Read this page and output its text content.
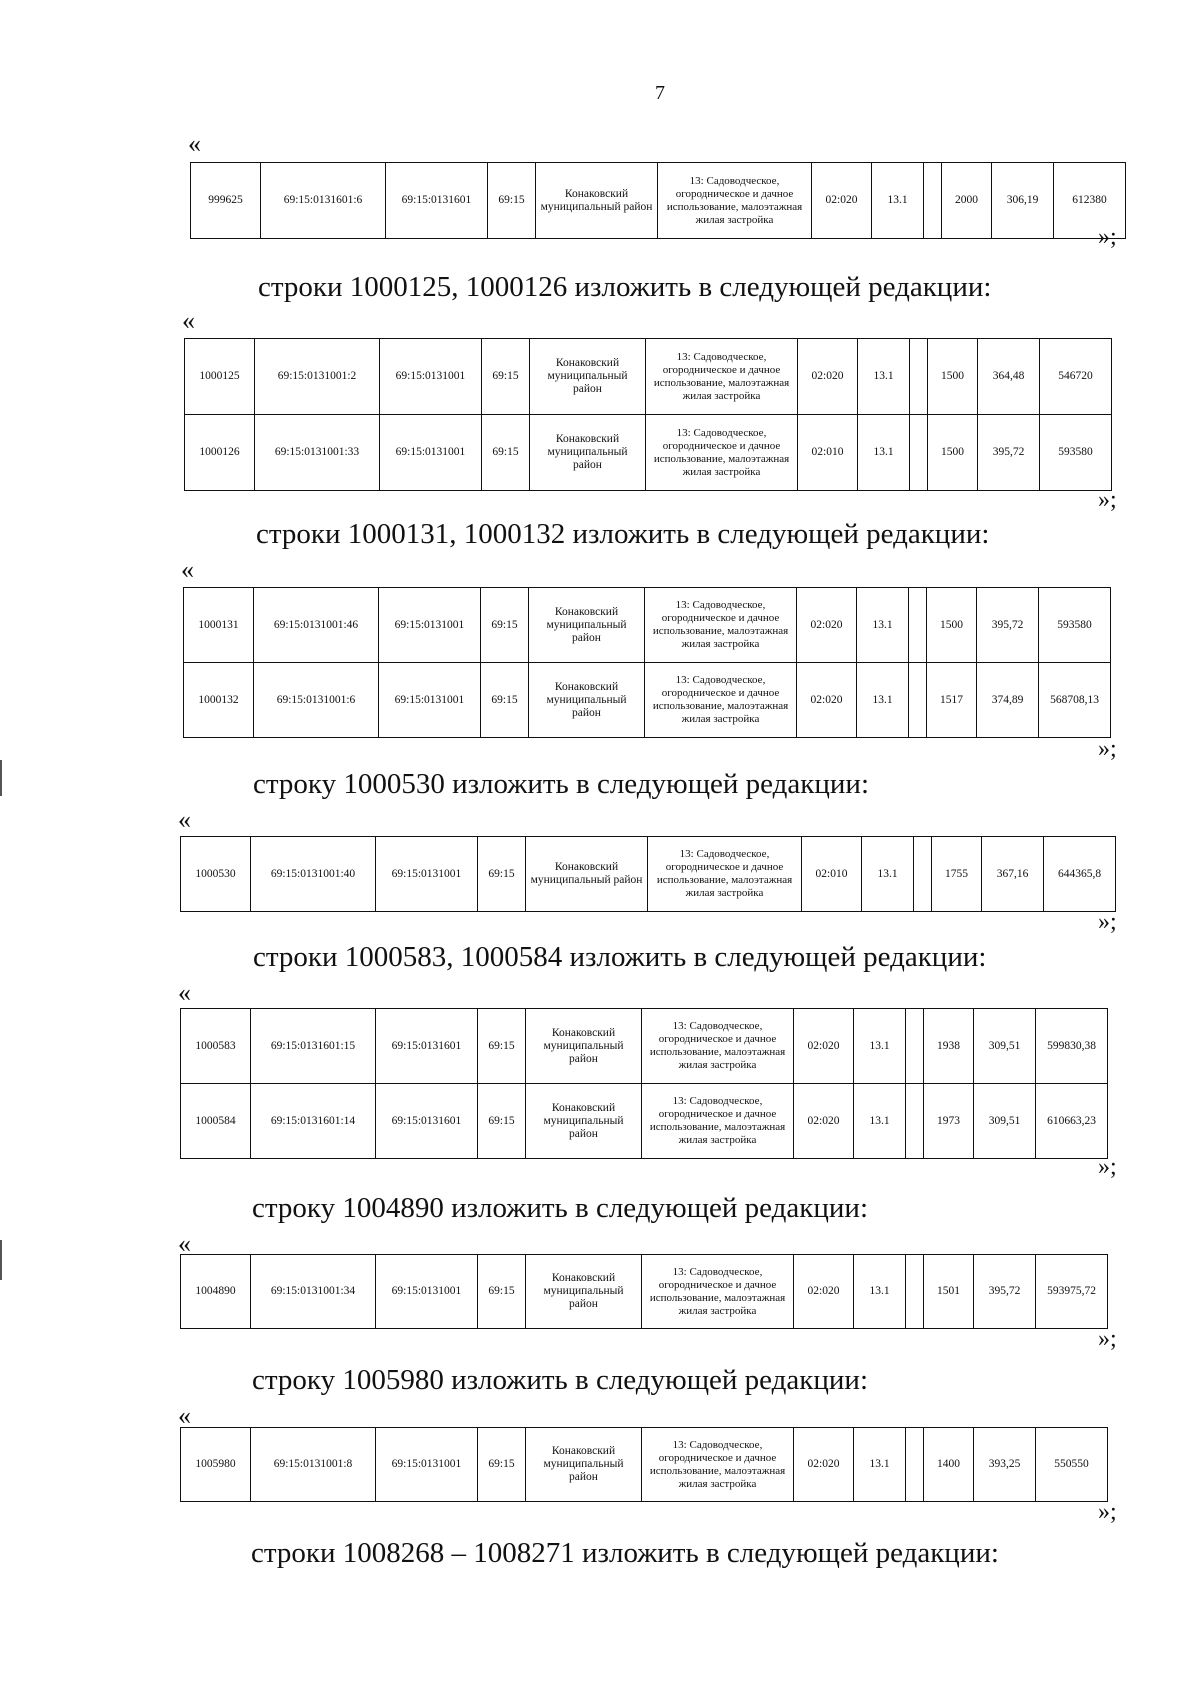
7
«
999625	69:15:0131601:6	69:15:0131601	69:15	Конаковский муниципальный район	13: Садоводческое, огородническое и дачное использование, малоэтажная жилая застройка	02:020	13.1		2000	306,19	612380
»;
«
строки 1000125, 1000126 изложить в следующей редакции:
1000125	69:15:0131001:2	69:15:0131001	69:15	Конаковский муниципальный район	13: Садоводческое, огородническое и дачное использование, малоэтажная жилая застройка	02:020	13.1		1500	364,48	546720
1000126	69:15:0131001:33	69:15:0131001	69:15	Конаковский муниципальный район	13: Садоводческое, огородническое и дачное использование, малоэтажная жилая застройка	02:010	13.1		1500	395,72	593580
»;
«
строки 1000131, 1000132 изложить в следующей редакции:
1000131	69:15:0131001:46	69:15:0131001	69:15	Конаковский муниципальный район	13: Садоводческое, огородническое и дачное использование, малоэтажная жилая застройка	02:020	13.1		1500	395,72	593580
1000132	69:15:0131001:6	69:15:0131001	69:15	Конаковский муниципальный район	13: Садоводческое, огородническое и дачное использование, малоэтажная жилая застройка	02:020	13.1		1517	374,89	568708,13
»;
«
строку 1000530 изложить в следующей редакции:
1000530	69:15:0131001:40	69:15:0131001	69:15	Конаковский муниципальный район	13: Садоводческое, огородническое и дачное использование, малоэтажная жилая застройка	02:010	13.1		1755	367,16	644365,8
»;
«
строки 1000583, 1000584 изложить в следующей редакции:
1000583	69:15:0131601:15	69:15:0131601	69:15	Конаковский муниципальный район	13: Садоводческое, огородническое и дачное использование, малоэтажная жилая застройка	02:020	13.1		1938	309,51	599830,38
1000584	69:15:0131601:14	69:15:0131601	69:15	Конаковский муниципальный район	13: Садоводческое, огородническое и дачное использование, малоэтажная жилая застройка	02:020	13.1		1973	309,51	610663,23
»;
«
строку 1004890 изложить в следующей редакции:
1004890	69:15:0131001:34	69:15:0131001	69:15	Конаковский муниципальный район	13: Садоводческое, огородническое и дачное использование, малоэтажная жилая застройка	02:020	13.1		1501	395,72	593975,72
»;
«
строку 1005980 изложить в следующей редакции:
1005980	69:15:0131001:8	69:15:0131001	69:15	Конаковский муниципальный район	13: Садоводческое, огородническое и дачное использование, малоэтажная жилая застройка	02:020	13.1		1400	393,25	550550
»;
строки 1008268 – 1008271 изложить в следующей редакции:
